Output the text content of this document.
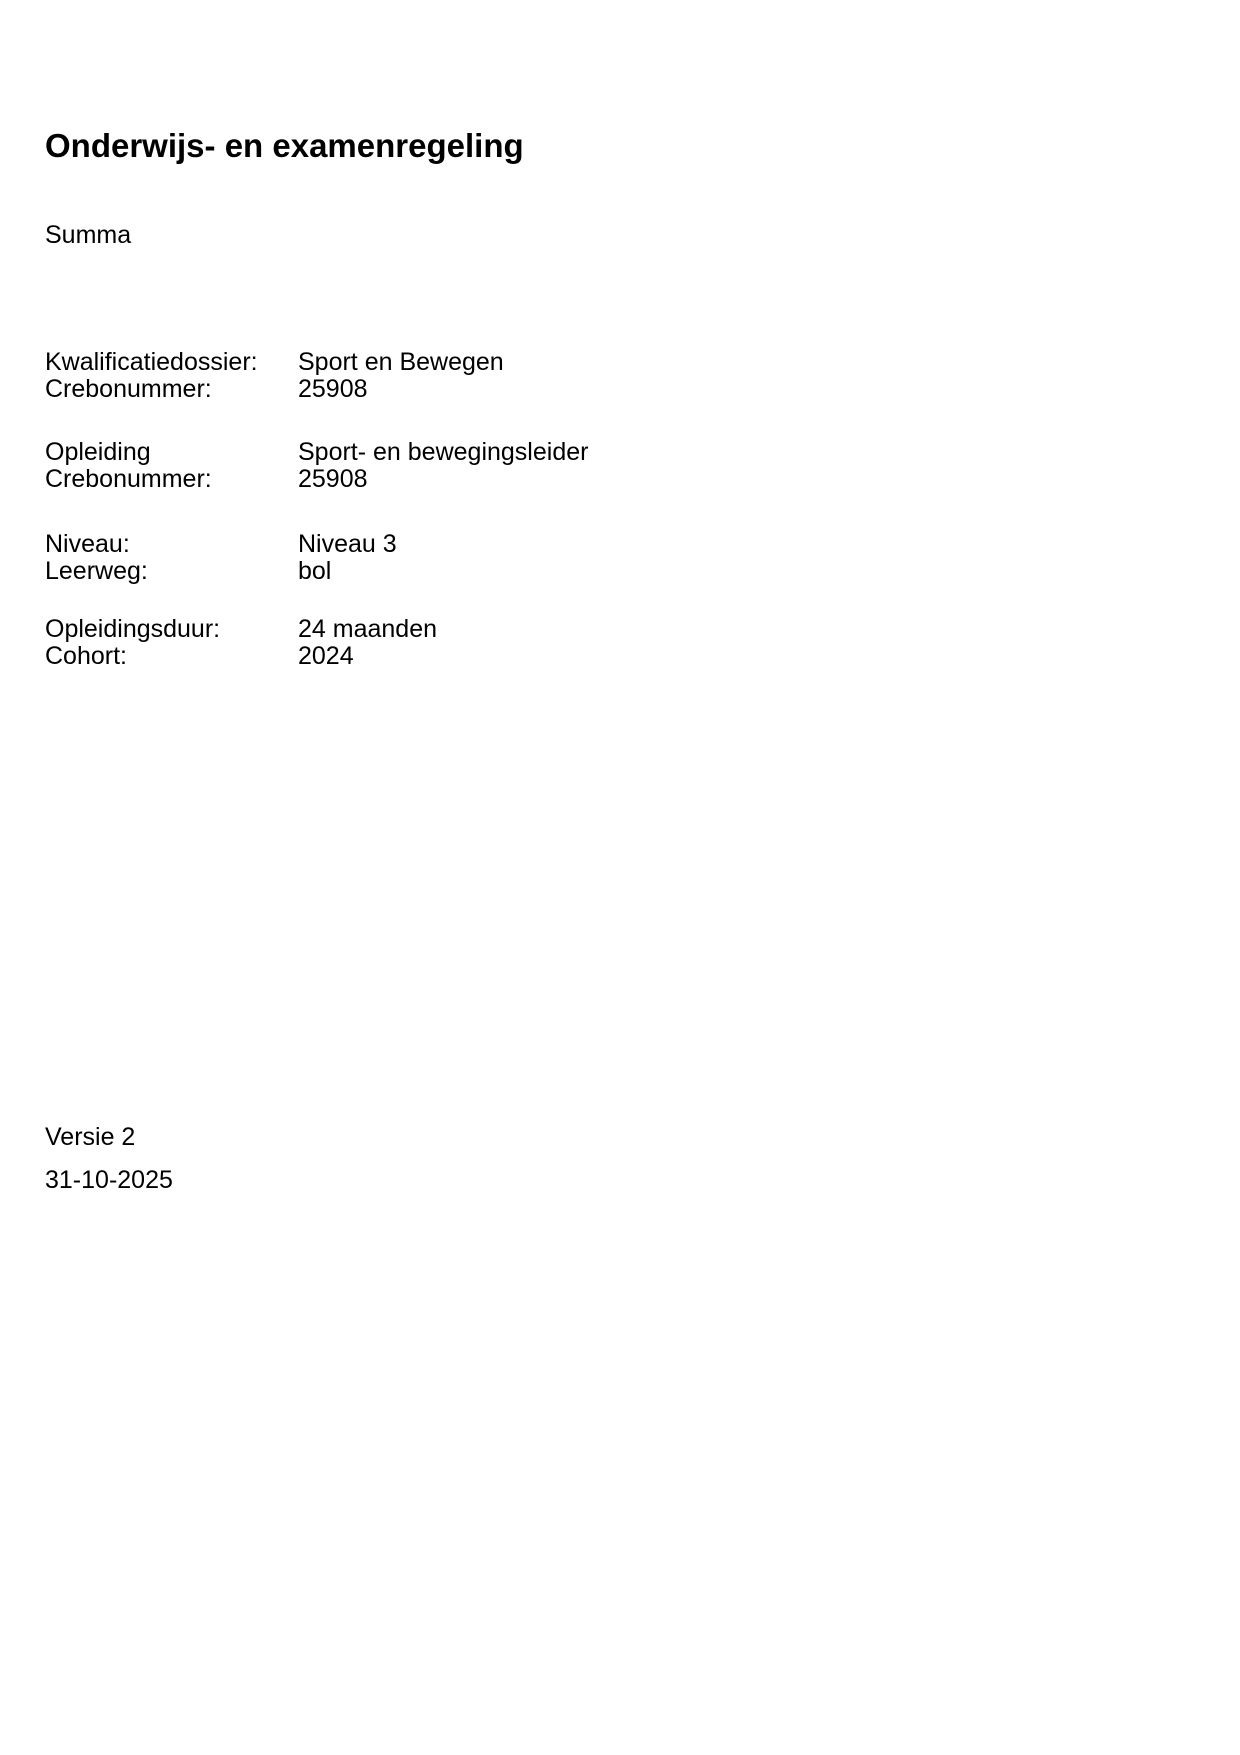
Onderwijs- en examenregeling

Summa

Kwalificatiedossier: Sport en Bewegen
Crebonummer:	25908
Opleiding	Sport- en bewegingsleider
Crebonummer:	25908
Niveau:	Niveau 3
Leerweg:	bol
Opleidingsduur:	24 maanden
Cohort:	2024

Versie 2

31-10-2025
